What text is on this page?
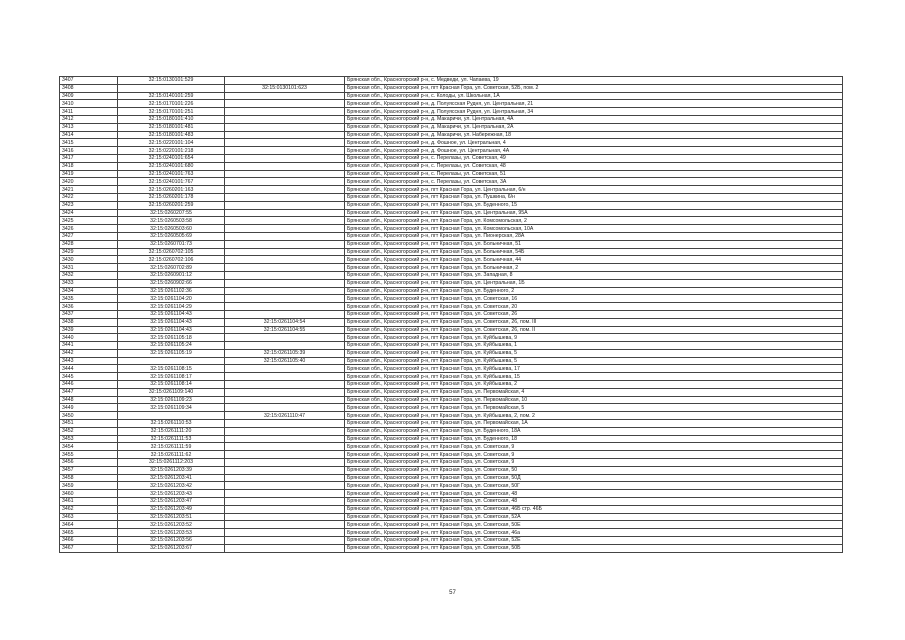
3407	32:15:0130101:529		Брянская обл., Красногорский р-н, с. Медведи, ул. Чапаева, 19
3408		32:15:0130101:623	Брянская обл., Красногорский р-н, пгт Красная Гора, ул. Советская, 52Б, пом. 2
3409	32:15:0140101:259		Брянская обл., Красногорский р-н, с. Колоды, ул. Школьная, 1А
3410	32:15:0170101:226		Брянская обл., Красногорский р-н, д. Полуясская Рудня, ул. Центральная, 21
3411	32:15:0170101:251		Брянская обл., Красногорский р-н, д. Полуясская Рудня, ул. Центральная, 34
3412	32:15:0180101:410		Брянская обл., Красногорский р-н, д. Макаричи, ул. Центральная, 4А
3413	32:15:0180101:481		Брянская обл., Красногорский р-н, д. Макаричи, ул. Центральная, 2А
3414	32:15:0180101:483		Брянская обл., Красногорский р-н, д. Макаричи, ул. Набережная, 18
3415	32:15:0220101:104		Брянская обл., Красногорский р-н, д. Фошное, ул. Центральная, 4
3416	32:15:0220101:218		Брянская обл., Красногорский р-н, д. Фошное, ул. Центральная, 4А
3417	32:15:0240101:654		Брянская обл., Красногорский р-н, с. Перелазы, ул. Советская, 49
3418	32:15:0240101:680		Брянская обл., Красногорский р-н, с. Перелазы, ул. Советская, 48
3419	32:15:0240101:763		Брянская обл., Красногорский р-н, с. Перелазы, ул. Советская, 51
3420	32:15:0240101:767		Брянская обл., Красногорский р-н, с. Перелазы, ул. Советская, 3А
3421	32:15:0260201:163		Брянская обл., Красногорский р-н, пгт Красная Гора, ул. Центральная, 6/н
3422	32:15:0260201:178		Брянская обл., Красногорский р-н, пгт Красная Гора, ул. Пушкина, 6/н
3423	32:15:0260201:259		Брянская обл., Красногорский р-н, пгт Красная Гора, ул. Буденного, 15
3424	32:15:0260207:55		Брянская обл., Красногорский р-н, пгт Красная Гора, ул. Центральная, 95А
3425	32:15:0260503:58		Брянская обл., Красногорский р-н, пгт Красная Гора, ул. Комсомольская, 2
3426	32:15:0260503:60		Брянская обл., Красногорский р-н, пгт Красная Гора, ул. Комсомольская, 10А
3427	32:15:0260505:69		Брянская обл., Красногорский р-н, пгт Красная Гора, ул. Пионерская, 28А
3428	32:15:0260701:73		Брянская обл., Красногорский р-н, пгт Красная Гора, ул. Больничная, 51
3429	32:15:0260702:105		Брянская обл., Красногорский р-н, пгт Красная Гора, ул. Больничная, 54Б
3430	32:15:0260702:106		Брянская обл., Красногорский р-н, пгт Красная Гора, ул. Больничная, 44
3431	32:15:0260702:89		Брянская обл., Красногорский р-н, пгт Красная Гора, ул. Больничная, 2
3432	32:15:0260901:12		Брянская обл., Красногорский р-н, пгт Красная Гора, ул. Западная, 8
3433	32:15:0260902:66		Брянская обл., Красногорский р-н, пгт Красная Гора, ул. Центральная, 1Б
3434	32:15:0261102:36		Брянская обл., Красногорский р-н, пгт Красная Гора, ул. Буденного, 2
3435	32:15:0261104:20		Брянская обл., Красногорский р-н, пгт Красная Гора, ул. Советская, 16
3436	32:15:0261104:29		Брянская обл., Красногорский р-н, пгт Красная Гора, ул. Советская, 20
3437	32:15:0261104:43		Брянская обл., Красногорский р-н, пгт Красная Гора, ул. Советская, 26
3438	32:15:0261104:43	32:15:0261104:54	Брянская обл., Красногорский р-н, пгт Красная Гора, ул. Советская, 26, пом. III
3439	32:15:0261104:43	32:15:0261104:55	Брянская обл., Красногорский р-н, пгт Красная Гора, ул. Советская, 26, пом. II
3440	32:15:0261105:18		Брянская обл., Красногорский р-н, пгт Красная Гора, ул. Куйбышева, 9
3441	32:15:0261105:24		Брянская обл., Красногорский р-н, пгт Красная Гора, ул. Куйбышева, 1
3442	32:15:0261105:19	32:15:0261105:39	Брянская обл., Красногорский р-н, пгт Красная Гора, ул. Куйбышева, 5
3443		32:15:0261105:40	Брянская обл., Красногорский р-н, пгт Красная Гора, ул. Куйбышева, 5
3444	32:15:0261108:15		Брянская обл., Красногорский р-н, пгт Красная Гора, ул. Куйбышева, 17
3445	32:15:0261108:17		Брянская обл., Красногорский р-н, пгт Красная Гора, ул. Куйбышева, 15
3446	32:15:0261108:14		Брянская обл., Красногорский р-н, пгт Красная Гора, ул. Куйбышева, 2
3447	32:15:0261109:140		Брянская обл., Красногорский р-н, пгт Красная Гора, ул. Первомайская, 4
3448	32:15:0261109:23		Брянская обл., Красногорский р-н, пгт Красная Гора, ул. Первомайская, 10
3449	32:15:0261109:34		Брянская обл., Красногорский р-н, пгт Красная Гора, ул. Первомайская, 5
3450		32:15:0261110:47	Брянская обл., Красногорский р-н, пгт Красная Гора, ул. Куйбышева, 2, пом. 2
3451	32:15:0261110:53		Брянская обл., Красногорский р-н, пгт Красная Гора, ул. Первомайская, 1А
3452	32:15:0261111:20		Брянская обл., Красногорский р-н, пгт Красная Гора, ул. Буденного, 18А
3453	32:15:0261111:53		Брянская обл., Красногорский р-н, пгт Красная Гора, ул. Буденного, 18
3454	32:15:0261111:59		Брянская обл., Красногорский р-н, пгт Красная Гора, ул. Советская, 9
3455	32:15:0261111:62		Брянская обл., Красногорский р-н, пгт Красная Гора, ул. Советская, 9
3456	32:15:0261112:203		Брянская обл., Красногорский р-н, пгт Красная Гора, ул. Советская, 9
3457	32:15:0261203:39		Брянская обл., Красногорский р-н, пгт Красная Гора, ул. Советская, 50
3458	32:15:0261203:41		Брянская обл., Красногорский р-н, пгт Красная Гора, ул. Советская, 50Д
3459	32:15:0261203:42		Брянская обл., Красногорский р-н, пгт Красная Гора, ул. Советская, 50Г
3460	32:15:0261203:43		Брянская обл., Красногорский р-н, пгт Красная Гора, ул. Советская, 48
3461	32:15:0261203:47		Брянская обл., Красногорский р-н, пгт Красная Гора, ул. Советская, 48
3462	32:15:0261203:49		Брянская обл., Красногорский р-н, пгт Красная Гора, ул. Советская, 46Б стр. 46Б
3463	32:15:0261203:51		Брянская обл., Красногорский р-н, пгт Красная Гора, ул. Советская, 52А
3464	32:15:0261203:52		Брянская обл., Красногорский р-н, пгт Красная Гора, ул. Советская, 50Е
3465	32:15:0261203:53		Брянская обл., Красногорский р-н, пгт Красная Гора, ул. Советская, 46а
3466	32:15:0261203:56		Брянская обл., Красногорский р-н, пгт Красная Гора, ул. Советская, 52Е
3467	32:15:0261203:67		Брянская обл., Красногорский р-н, пгт Красная Гора, ул. Советская, 50Б
57
